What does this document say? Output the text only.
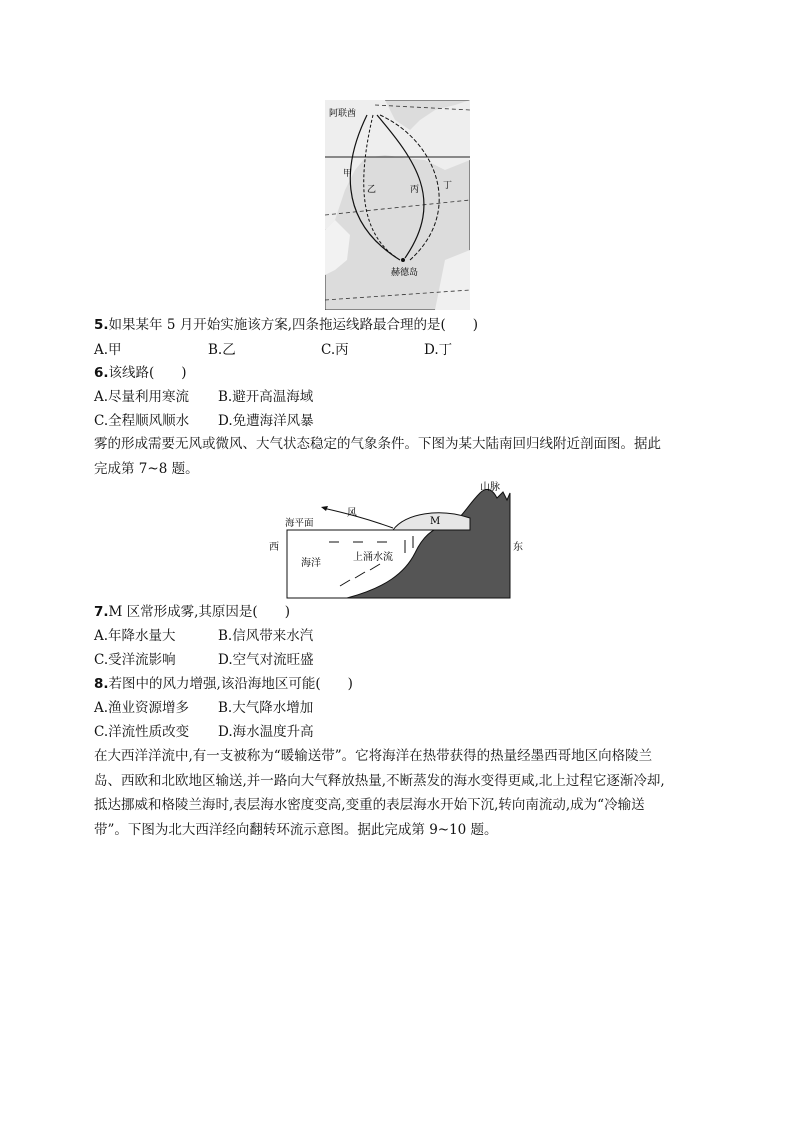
阿联酋
甲
乙	丙	丁
赫德岛
5.如果某年 5 月开始实施该方案,四条拖运线路最合理的是(　　)
A.甲	B.乙	C.丙	D.丁
6.该线路(　　)
A.尽量利用寒流 B.避开高温海域
C.全程顺风顺水 D.免遭海洋风暴
雾的形成需要无风或微风、大气状态稳定的气象条件。下图为某大陆南回归线附近剖面图。据此
完成第 7~8 题。
山脉
风
M
海平面
西	东
海洋
上涌水流
7.M 区常形成雾,其原因是(　　)
A.年降水量大	B.信风带来水汽
C.受洋流影响	D.空气对流旺盛
8.若图中的风力增强,该沿海地区可能(　　)
A.渔业资源增多 B.大气降水增加
C.洋流性质改变 D.海水温度升高
在大西洋洋流中,有一支被称为“暖输送带”。它将海洋在热带获得的热量经墨西哥地区向格陵兰
岛、西欧和北欧地区输送,并一路向大气释放热量,不断蒸发的海水变得更咸,北上过程它逐渐冷却,
抵达挪威和格陵兰海时,表层海水密度变高,变重的表层海水开始下沉,转向南流动,成为“冷输送
带”。下图为北大西洋经向翻转环流示意图。据此完成第 9~10 题。
